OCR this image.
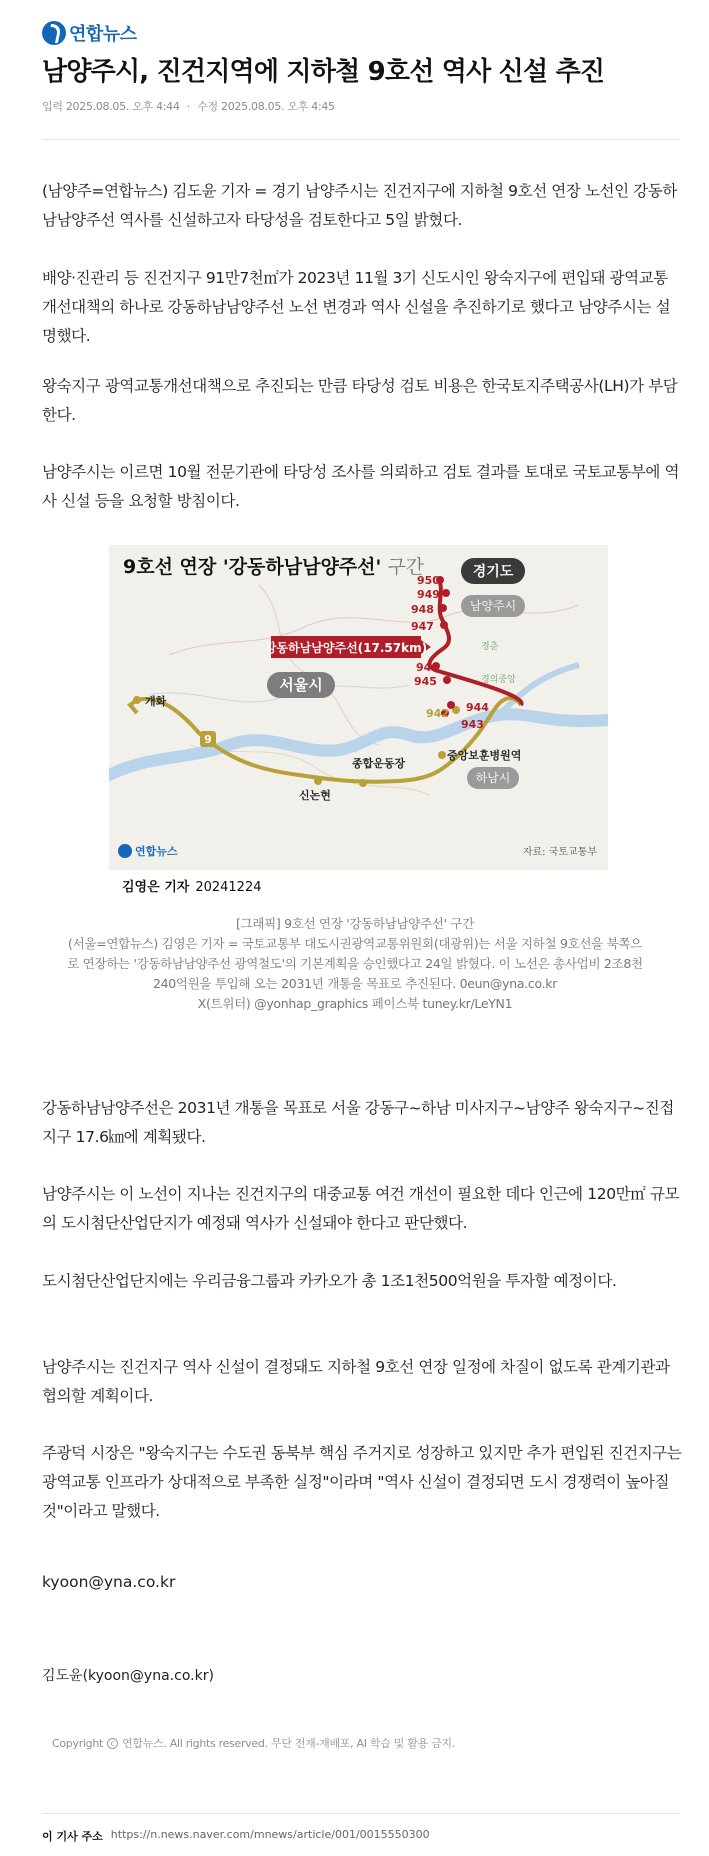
연합뉴스
남양주시, 진건지역에 지하철 9호선 역사 신설 추진
입력 2025.08.05. 오후 4:44 · 수정 2025.08.05. 오후 4:45

(남양주=연합뉴스) 김도윤 기자 = 경기 남양주시는 진건지구에 지하철 9호선 연장 노선인 강동하남남양주선 역사를 신설하고자 타당성을 검토한다고 5일 밝혔다.

배양·진관리 등 진건지구 91만7천㎡가 2023년 11월 3기 신도시인 왕숙지구에 편입돼 광역교통개선대책의 하나로 강동하남남양주선 노선 변경과 역사 신설을 추진하기로 했다고 남양주시는 설명했다.

왕숙지구 광역교통개선대책으로 추진되는 만큼 타당성 검토 비용은 한국토지주택공사(LH)가 부담한다.

남양주시는 이르면 10월 전문기관에 타당성 조사를 의뢰하고 검토 결과를 토대로 국토교통부에 역사 신설 등을 요청할 방침이다.

9호선 연장 '강동하남남양주선' 구간	경기도
남양주시
강동하남남양주선(17.57km)
서울시
하남시
9
개화
신논현
종합운동장
중앙보훈병원역
942
943
944
945
946
947
948
949
950
경춘
경의중앙
연합뉴스	자료: 국토교통부
김영은 기자 20241224
[그래픽] 9호선 연장 '강동하남남양주선' 구간
(서울=연합뉴스) 김영은 기자 = 국토교통부 대도시권광역교통위원회(대광위)는 서울 지하철 9호선을 북쪽으로 연장하는 '강동하남남양주선 광역철도'의 기본계획을 승인했다고 24일 밝혔다. 이 노선은 총사업비 2조8천240억원을 투입해 오는 2031년 개통을 목표로 추진된다. 0eun@yna.co.kr
X(트위터) @yonhap_graphics 페이스북 tuney.kr/LeYN1

강동하남남양주선은 2031년 개통을 목표로 서울 강동구~하남 미사지구~남양주 왕숙지구~진접지구 17.6㎞에 계획됐다.

남양주시는 이 노선이 지나는 진건지구의 대중교통 여건 개선이 필요한 데다 인근에 120만㎡ 규모의 도시첨단산업단지가 예정돼 역사가 신설돼야 한다고 판단했다.

도시첨단산업단지에는 우리금융그룹과 카카오가 총 1조1천500억원을 투자할 예정이다.

남양주시는 진건지구 역사 신설이 결정돼도 지하철 9호선 연장 일정에 차질이 없도록 관계기관과 협의할 계획이다.

주광덕 시장은 "왕숙지구는 수도권 동북부 핵심 주거지로 성장하고 있지만 추가 편입된 진건지구는 광역교통 인프라가 상대적으로 부족한 실정"이라며 "역사 신설이 결정되면 도시 경쟁력이 높아질 것"이라고 말했다.

kyoon@yna.co.kr
김도윤(kyoon@yna.co.kr)
Copyright c 연합뉴스. All rights reserved. 무단 전재-재배포, AI 학습 및 활용 금지.
이 기사 주소 https://n.news.naver.com/mnews/article/001/0015550300
